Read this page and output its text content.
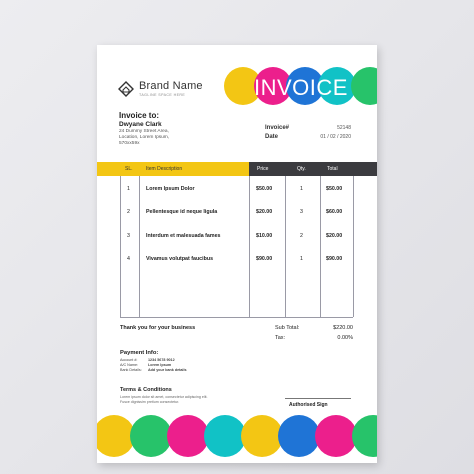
INVOICE
Brand Name
TAGLINE SPACE HERE
Invoice to:
Dwyane Clark
24 Dummy Street Area,
Location, Lorem Ipsum,
570xx59x
Invoice#	52148
Date	01 / 02 / 2020
SL.	Item Description	Price	Qty.	Total
1	Lorem Ipsum Dolor	$50.00	1	$50.00
2	Pellentesque id neque ligula	$20.00	3	$60.00
3	Interdum et malesuada fames	$10.00	2	$20.00
4	Vivamus volutpat faucibus	$90.00	1	$90.00
Thank you for your business	Sub Total:	$220.00
Tax:	0.00%
Payment Info:
Account #:	1234 5678 9012
A/C Name:	Lorem Ipsum
Bank Details: Add your bank details
Terms & Conditions
Lorem ipsum dolor sit amet, consectetur adipiscing elit.
Fusce dignissim pretium consectetur.	Authorised Sign
